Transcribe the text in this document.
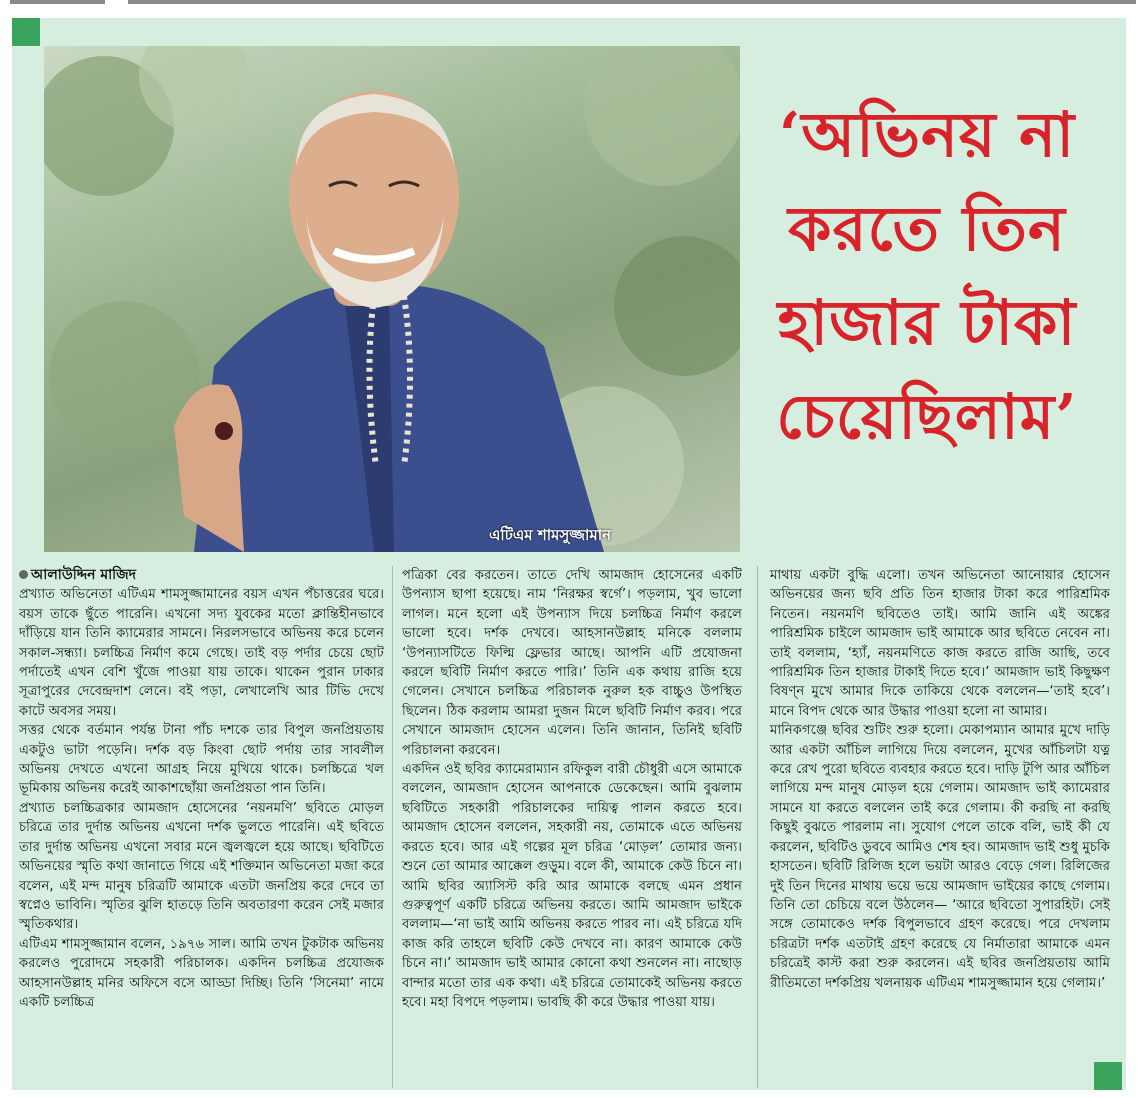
এটিএম শামসুজ্জামান
‘অভিনয় না করতে তিন হাজার টাকা চেয়েছিলাম’

আলাউদ্দিন মাজিদ

প্রখ্যাত অভিনেতা এটিএম শামসুজ্জামানের বয়স এখন পঁচাত্তরের ঘরে। বয়স তাকে ছুঁতে পারেনি। এখনো সদ্য যুবকের মতো ক্লান্তিহীনভাবে দাঁড়িয়ে যান তিনি ক্যামেরার সামনে। নিরলসভাবে অভিনয় করে চলেন সকাল-সন্ধ্যা। চলচ্চিত্র নির্মাণ কমে গেছে। তাই বড় পর্দার চেয়ে ছোট পর্দাতেই এখন বেশি খুঁজে পাওয়া যায় তাকে। থাকেন পুরান ঢাকার সূত্রাপুরের দেবেন্দ্রদাশ লেনে। বই পড়া, লেখালেখি আর টিভি দেখে কাটে অবসর সময়।

সত্তর থেকে বর্তমান পর্যন্ত টানা পাঁচ দশকে তার বিপুল জনপ্রিয়তায় একটুও ভাটা পড়েনি। দর্শক বড় কিংবা ছোট পর্দায় তার সাবলীল অভিনয় দেখতে এখনো আগ্রহ নিয়ে মুখিয়ে থাকে। চলচ্চিত্রে খল ভূমিকায় অভিনয় করেই আকাশছোঁয়া জনপ্রিয়তা পান তিনি।

প্রখ্যাত চলচ্চিত্রকার আমজাদ হোসেনের ‘নয়নমণি’ ছবিতে মোড়ল চরিত্রে তার দুর্দান্ত অভিনয় এখনো দর্শক ভুলতে পারেনি। এই ছবিতে তার দুর্দান্ত অভিনয় এখনো সবার মনে জ্বলজ্বলে হয়ে আছে। ছবিটিতে অভিনয়ের স্মৃতি কথা জানাতে গিয়ে এই শক্তিমান অভিনেতা মজা করে বলেন, এই মন্দ মানুষ চরিত্রটি আমাকে এতটা জনপ্রিয় করে দেবে তা স্বপ্নেও ভাবিনি। স্মৃতির ঝুলি হাতড়ে তিনি অবতারণা করেন সেই মজার স্মৃতিকথার।

এটিএম শামসুজ্জামান বলেন, ১৯৭৬ সাল। আমি তখন টুকটাক অভিনয় করলেও পুরোদমে সহকারী পরিচালক। একদিন চলচ্চিত্র প্রযোজক আহসানউল্লাহ মনির অফিসে বসে আড্ডা দিচ্ছি। তিনি ‘সিনেমা’ নামে একটি চলচ্চিত্র

পত্রিকা বের করতেন। তাতে দেখি আমজাদ হোসেনের একটি উপন্যাস ছাপা হয়েছে। নাম ‘নিরক্ষর স্বর্গে’। পড়লাম, খুব ভালো লাগল। মনে হলো এই উপন্যাস দিয়ে চলচ্চিত্র নির্মাণ করলে ভালো হবে। দর্শক দেখবে। আহসানউল্লাহ মনিকে বললাম ‘উপন্যাসটিতে ফিল্মি ফ্লেভার আছে। আপনি এটি প্রযোজনা করলে ছবিটি নির্মাণ করতে পারি।’ তিনি এক কথায় রাজি হয়ে গেলেন। সেখানে চলচ্চিত্র পরিচালক নুরুল হক বাচ্চুও উপস্থিত ছিলেন। ঠিক করলাম আমরা দুজন মিলে ছবিটি নির্মাণ করব। পরে সেখানে আমজাদ হোসেন এলেন। তিনি জানান, তিনিই ছবিটি পরিচালনা করবেন।

একদিন ওই ছবির ক্যামেরাম্যান রফিকুল বারী চৌধুরী এসে আমাকে বললেন, আমজাদ হোসেন আপনাকে ডেকেছেন। আমি বুঝলাম ছবিটিতে সহকারী পরিচালকের দায়িত্ব পালন করতে হবে। আমজাদ হোসেন বললেন, সহকারী নয়, তোমাকে এতে অভিনয় করতে হবে। আর এই গল্পের মূল চরিত্র ‘মোড়ল’ তোমার জন্য। শুনে তো আমার আক্কেল গুড়ুম। বলে কী, আমাকে কেউ চিনে না। আমি ছবির অ্যাসিস্ট করি আর আমাকে বলছে এমন প্রধান গুরুত্বপূর্ণ একটি চরিত্রে অভিনয় করতে। আমি আমজাদ ভাইকে বললাম—‘না ভাই আমি অভিনয় করতে পারব না। এই চরিত্রে যদি কাজ করি তাহলে ছবিটি কেউ দেখবে না। কারণ আমাকে কেউ চিনে না।’ আমজাদ ভাই আমার কোনো কথা শুনলেন না। নাছোড় বান্দার মতো তার এক কথা। এই চরিত্রে তোমাকেই অভিনয় করতে হবে। মহা বিপদে পড়লাম। ভাবছি কী করে উদ্ধার পাওয়া যায়।

মাথায় একটা বুদ্ধি এলো। তখন অভিনেতা আনোয়ার হোসেন অভিনয়ের জন্য ছবি প্রতি তিন হাজার টাকা করে পারিশ্রমিক নিতেন। নয়নমণি ছবিতেও তাই। আমি জানি এই অঙ্কের পারিশ্রমিক চাইলে আমজাদ ভাই আমাকে আর ছবিতে নেবেন না। তাই বললাম, ‘হ্যাঁ, নয়নমণিতে কাজ করতে রাজি আছি, তবে পারিশ্রমিক তিন হাজার টাকাই দিতে হবে।’ আমজাদ ভাই কিছুক্ষণ বিষণ্ন মুখে আমার দিকে তাকিয়ে থেকে বললেন—‘তাই হবে’। মানে বিপদ থেকে আর উদ্ধার পাওয়া হলো না আমার।

মানিকগঞ্জে ছবির শুটিং শুরু হলো। মেকাপম্যান আমার মুখে দাড়ি আর একটা আঁচিল লাগিয়ে দিয়ে বললেন, মুখের আঁচিলটা যত্ন করে রেখ পুরো ছবিতে ব্যবহার করতে হবে। দাড়ি টুপি আর আঁচিল লাগিয়ে মন্দ মানুষ মোড়ল হয়ে গেলাম। আমজাদ ভাই ক্যামেরার সামনে যা করতে বললেন তাই করে গেলাম। কী করছি না করছি কিছুই বুঝতে পারলাম না। সুযোগ পেলে তাকে বলি, ভাই কী যে করলেন, ছবিটিও ডুববে আমিও শেষ হব। আমজাদ ভাই শুধু মুচকি হাসতেন। ছবিটি রিলিজ হলে ভয়টা আরও বেড়ে গেল। রিলিজের দুই তিন দিনের মাথায় ভয়ে ভয়ে আমজাদ ভাইয়ের কাছে গেলাম। তিনি তো চেচিয়ে বলে উঠলেন— ‘আরে ছবিতো সুপারহিট। সেই সঙ্গে তোমাকেও দর্শক বিপুলভাবে গ্রহণ করেছে। পরে দেখলাম চরিত্রটা দর্শক এতটাই গ্রহণ করেছে যে নির্মাতারা আমাকে এমন চরিত্রেই কাস্ট করা শুরু করলেন। এই ছবির জনপ্রিয়তায় আমি রীতিমতো দর্শকপ্রিয় খলনায়ক এটিএম শামসুজ্জামান হয়ে গেলাম।’
